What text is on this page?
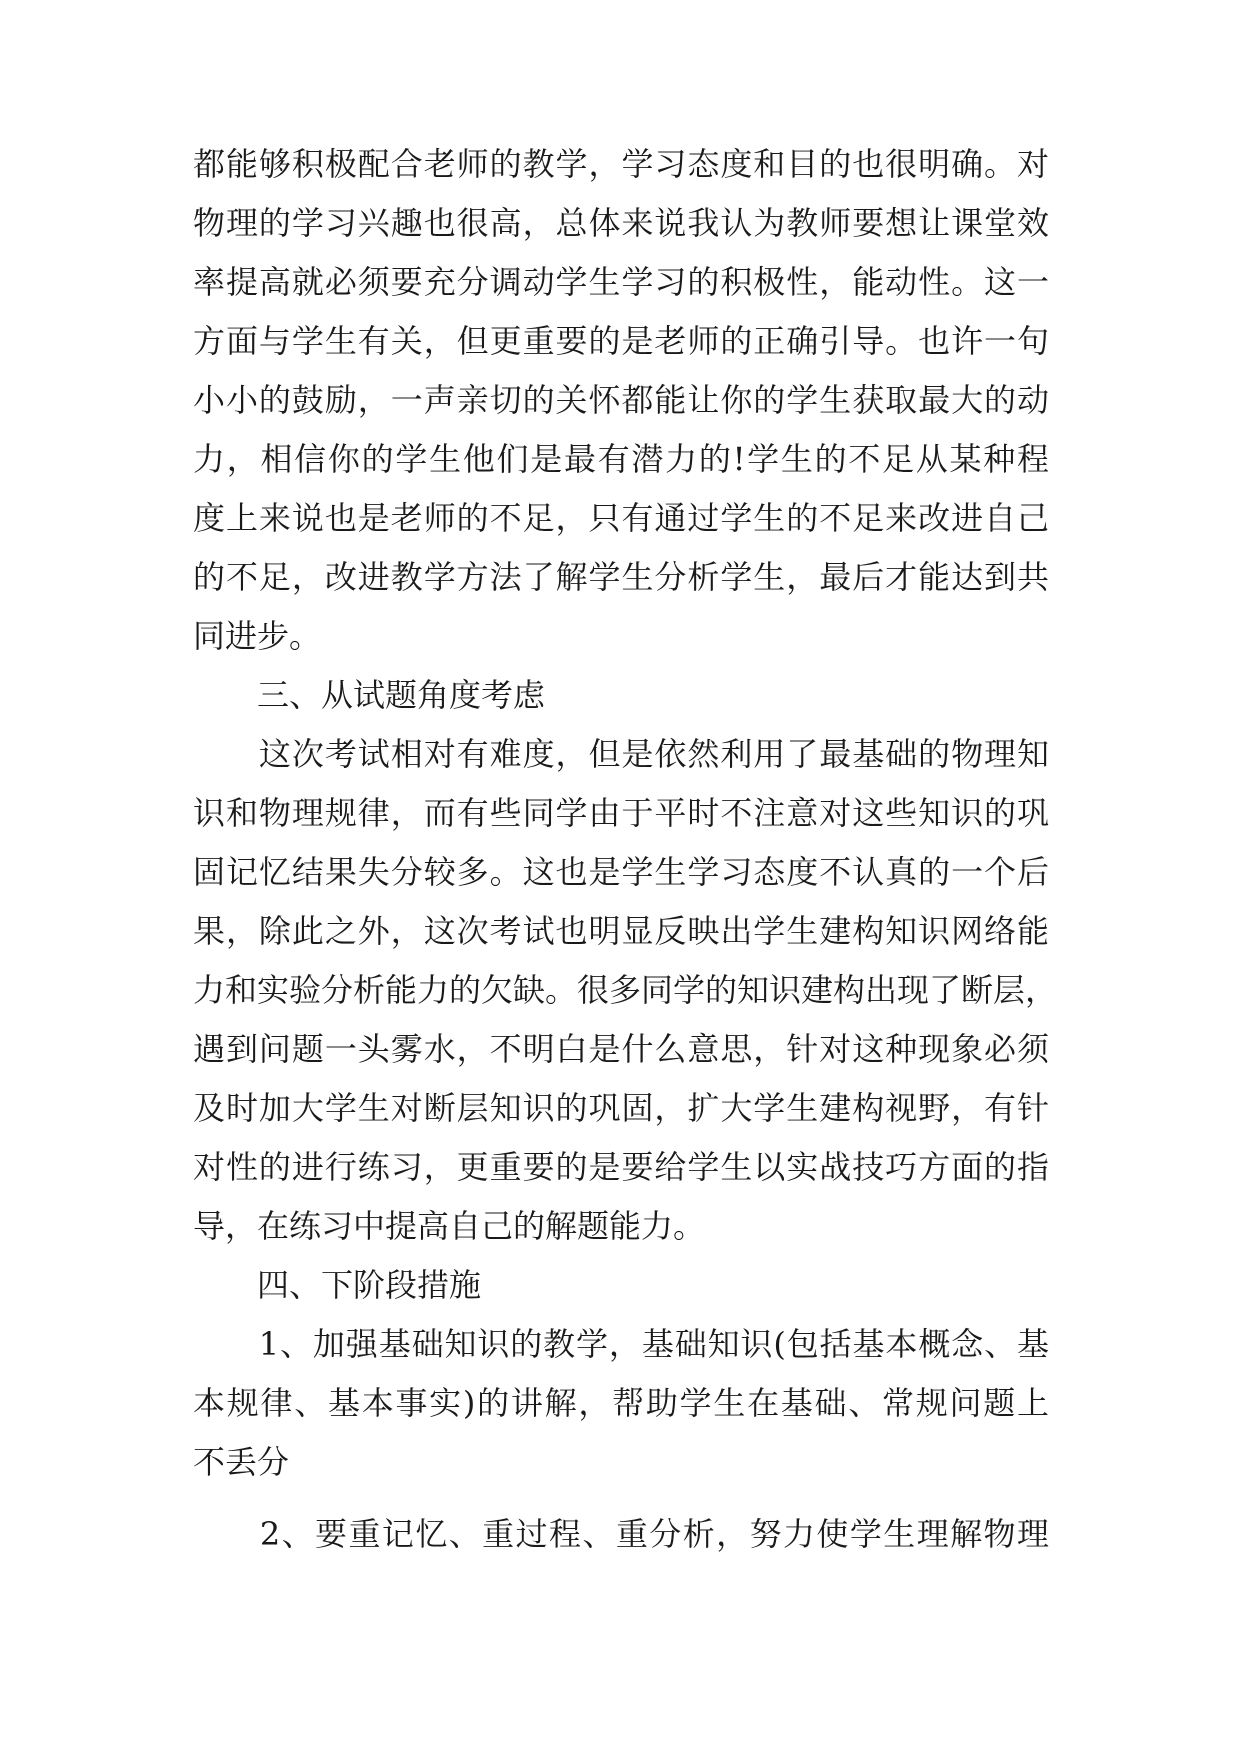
都能够积极配合老师的教学，学习态度和目的也很明确。对
物理的学习兴趣也很高，总体来说我认为教师要想让课堂效
率提高就必须要充分调动学生学习的积极性，能动性。这一
方面与学生有关，但更重要的是老师的正确引导。也许一句
小小的鼓励，一声亲切的关怀都能让你的学生获取最大的动
力，相信你的学生他们是最有潜力的!学生的不足从某种程
度上来说也是老师的不足，只有通过学生的不足来改进自己
的不足，改进教学方法了解学生分析学生，最后才能达到共
同进步。
　　三、从试题角度考虑
　　这次考试相对有难度，但是依然利用了最基础的物理知
识和物理规律，而有些同学由于平时不注意对这些知识的巩
固记忆结果失分较多。这也是学生学习态度不认真的一个后
果，除此之外，这次考试也明显反映出学生建构知识网络能
力和实验分析能力的欠缺。很多同学的知识建构出现了断层，
遇到问题一头雾水，不明白是什么意思，针对这种现象必须
及时加大学生对断层知识的巩固，扩大学生建构视野，有针
对性的进行练习，更重要的是要给学生以实战技巧方面的指
导，在练习中提高自己的解题能力。
　　四、下阶段措施
　　1、加强基础知识的教学，基础知识(包括基本概念、基
本规律、基本事实)的讲解，帮助学生在基础、常规问题上
不丢分
　　2、要重记忆、重过程、重分析，努力使学生理解物理
